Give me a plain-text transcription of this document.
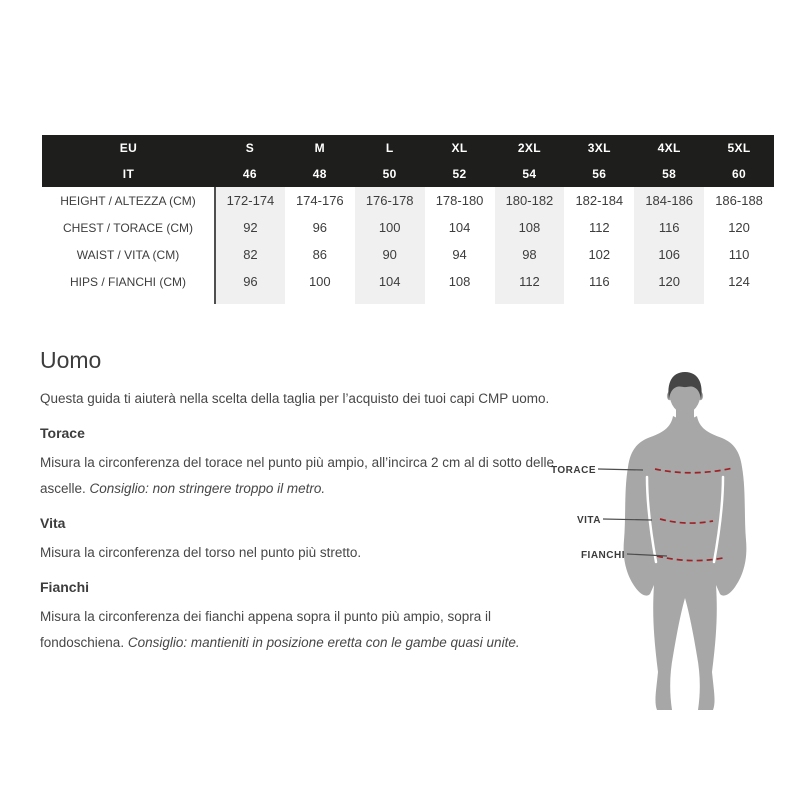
EU	S	M	L	XL	2XL	3XL	4XL	5XL
IT	46	48	50	52	54	56	58	60
HEIGHT / ALTEZZA (CM)	172-174	174-176	176-178	178-180	180-182	182-184	184-186	186-188
CHEST / TORACE (CM)	92	96	100	104	108	112	116	120
WAIST / VITA (CM)	82	86	90	94	98	102	106	110
HIPS / FIANCHI (CM)	96	100	104	108	112	116	120	124

Uomo

Questa guida ti aiuterà nella scelta della taglia per l’acquisto dei tuoi capi CMP uomo.

Torace

Misura la circonferenza del torace nel punto più ampio, all’incirca 2 cm al di sotto delle ascelle. Consiglio: non stringere troppo il metro.

Vita

Misura la circonferenza del torso nel punto più stretto.

Fianchi

Misura la circonferenza dei fianchi appena sopra il punto più ampio, sopra il fondoschiena. Consiglio: mantieniti in posizione eretta con le gambe quasi unite.

TORACE
VITA
FIANCHI
